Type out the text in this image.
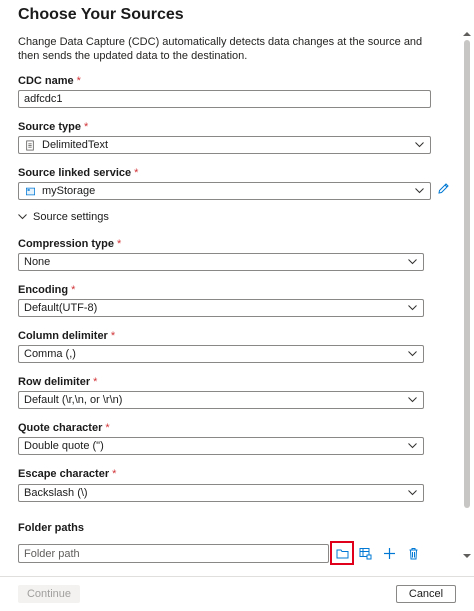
Choose Your Sources
Change Data Capture (CDC) automatically detects data changes at the source and then sends the updated data to the destination.
CDC name *
adfcdc1
Source type *
DelimitedText
Source linked service *
myStorage
Source settings
Compression type *
None
Encoding *
Default(UTF-8)
Column delimiter *
Comma (,)
Row delimiter *
Default (\r,\n, or \r\n)
Quote character *
Double quote (")
Escape character *
Backslash (\)
Folder paths
Folder path
Continue	Cancel
